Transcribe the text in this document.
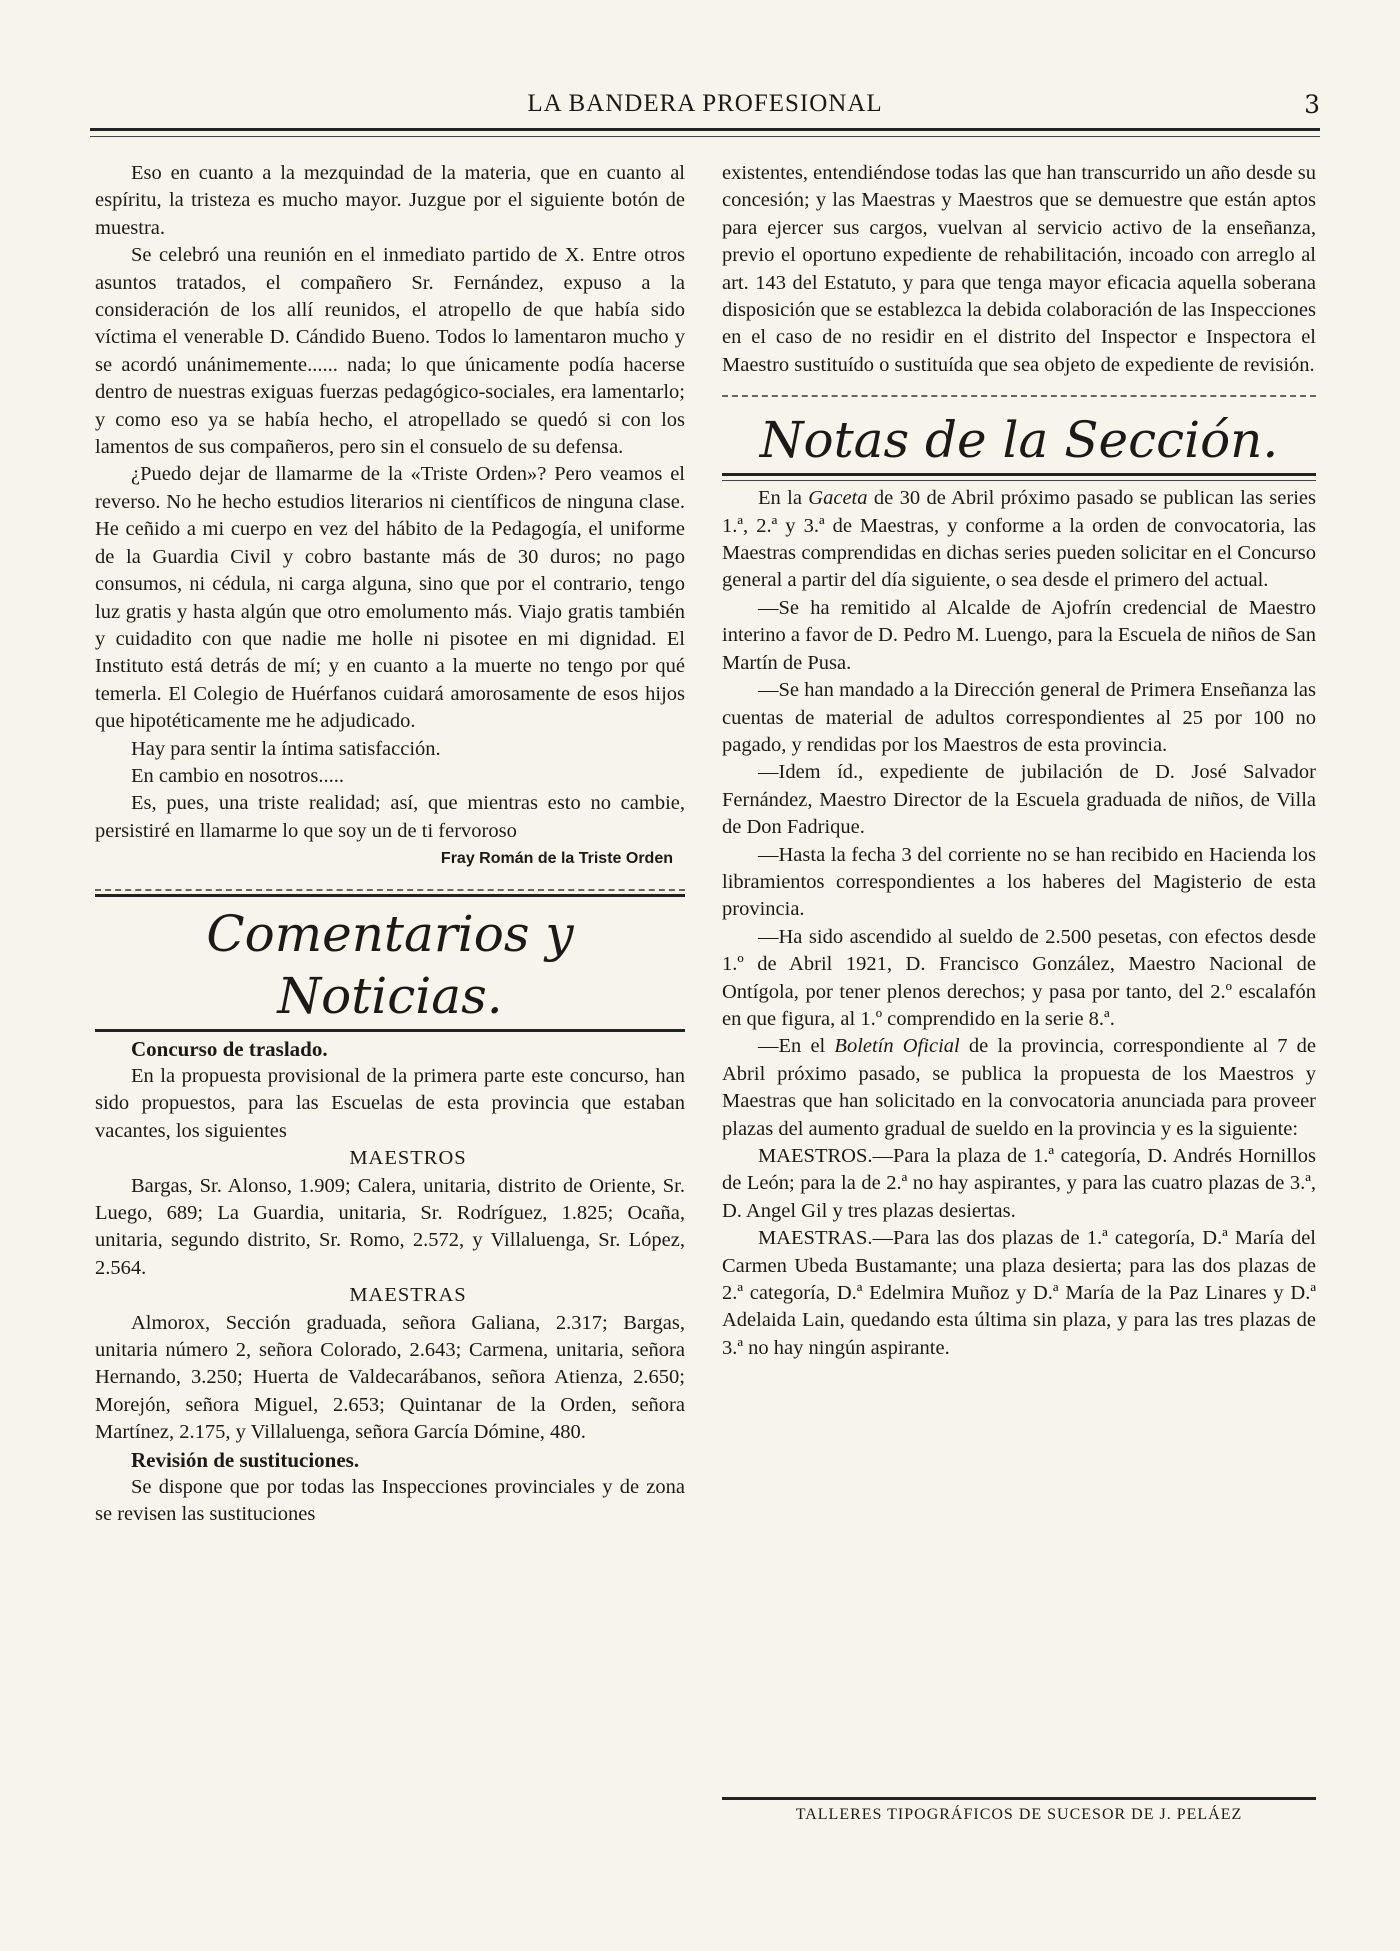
LA BANDERA PROFESIONAL	3

Eso en cuanto a la mezquindad de la materia, que en cuanto al espíritu, la tristeza es mucho mayor. Juzgue por el siguiente botón de muestra.

Se celebró una reunión en el inmediato partido de X. Entre otros asuntos tratados, el compañero Sr. Fernández, expuso a la consideración de los allí reunidos, el atropello de que había sido víctima el venerable D. Cándido Bueno. Todos lo lamentaron mucho y se acordó unánimemente...... nada; lo que únicamente podía hacerse dentro de nuestras exiguas fuerzas pedagógico-sociales, era lamentarlo; y como eso ya se había hecho, el atropellado se quedó si con los lamentos de sus compañeros, pero sin el consuelo de su defensa.

¿Puedo dejar de llamarme de la «Triste Orden»? Pero veamos el reverso. No he hecho estudios literarios ni científicos de ninguna clase. He ceñido a mi cuerpo en vez del hábito de la Pedagogía, el uniforme de la Guardia Civil y cobro bastante más de 30 duros; no pago consumos, ni cédula, ni carga alguna, sino que por el contrario, tengo luz gratis y hasta algún que otro emolumento más. Viajo gratis también y cuidadito con que nadie me holle ni pisotee en mi dignidad. El Instituto está detrás de mí; y en cuanto a la muerte no tengo por qué temerla. El Colegio de Huérfanos cuidará amorosamente de esos hijos que hipotéticamente me he adjudicado.

Hay para sentir la íntima satisfacción.

En cambio en nosotros.....

Es, pues, una triste realidad; así, que mientras esto no cambie, persistiré en llamarme lo que soy un de ti fervoroso

Fray Román de la Triste Orden
Comentarios y Noticias.

Concurso de traslado.

En la propuesta provisional de la primera parte este concurso, han sido propuestos, para las Escuelas de esta provincia que estaban vacantes, los siguientes

MAESTROS

Bargas, Sr. Alonso, 1.909; Calera, unitaria, distrito de Oriente, Sr. Luego, 689; La Guardia, unitaria, Sr. Rodríguez, 1.825; Ocaña, unitaria, segundo distrito, Sr. Romo, 2.572, y Villaluenga, Sr. López, 2.564.

MAESTRAS

Almorox, Sección graduada, señora Galiana, 2.317; Bargas, unitaria número 2, señora Colorado, 2.643; Carmena, unitaria, señora Hernando, 3.250; Huerta de Valdecarábanos, señora Atienza, 2.650; Morejón, señora Miguel, 2.653; Quintanar de la Orden, señora Martínez, 2.175, y Villaluenga, señora García Dómine, 480.

Revisión de sustituciones.

Se dispone que por todas las Inspecciones provinciales y de zona se revisen las sustituciones

existentes, entendiéndose todas las que han transcurrido un año desde su concesión; y las Maestras y Maestros que se demuestre que están aptos para ejercer sus cargos, vuelvan al servicio activo de la enseñanza, previo el oportuno expediente de rehabilitación, incoado con arreglo al art. 143 del Estatuto, y para que tenga mayor eficacia aquella soberana disposición que se establezca la debida colaboración de las Inspecciones en el caso de no residir en el distrito del Inspector e Inspectora el Maestro sustituído o sustituída que sea objeto de expediente de revisión.

Notas de la Sección.

En la Gaceta de 30 de Abril próximo pasado se publican las series 1.ª, 2.ª y 3.ª de Maestras, y conforme a la orden de convocatoria, las Maestras comprendidas en dichas series pueden solicitar en el Concurso general a partir del día siguiente, o sea desde el primero del actual.

—Se ha remitido al Alcalde de Ajofrín credencial de Maestro interino a favor de D. Pedro M. Luengo, para la Escuela de niños de San Martín de Pusa.

—Se han mandado a la Dirección general de Primera Enseñanza las cuentas de material de adultos correspondientes al 25 por 100 no pagado, y rendidas por los Maestros de esta provincia.

—Idem íd., expediente de jubilación de D. José Salvador Fernández, Maestro Director de la Escuela graduada de niños, de Villa de Don Fadrique.

—Hasta la fecha 3 del corriente no se han recibido en Hacienda los libramientos correspondientes a los haberes del Magisterio de esta provincia.

—Ha sido ascendido al sueldo de 2.500 pesetas, con efectos desde 1.º de Abril 1921, D. Francisco González, Maestro Nacional de Ontígola, por tener plenos derechos; y pasa por tanto, del 2.º escalafón en que figura, al 1.º comprendido en la serie 8.ª.

—En el Boletín Oficial de la provincia, correspondiente al 7 de Abril próximo pasado, se publica la propuesta de los Maestros y Maestras que han solicitado en la convocatoria anunciada para proveer plazas del aumento gradual de sueldo en la provincia y es la siguiente:

MAESTROS.—Para la plaza de 1.ª categoría, D. Andrés Hornillos de León; para la de 2.ª no hay aspirantes, y para las cuatro plazas de 3.ª, D. Angel Gil y tres plazas desiertas.

MAESTRAS.—Para las dos plazas de 1.ª categoría, D.ª María del Carmen Ubeda Bustamante; una plaza desierta; para las dos plazas de 2.ª categoría, D.ª Edelmira Muñoz y D.ª María de la Paz Linares y D.ª Adelaida Lain, quedando esta última sin plaza, y para las tres plazas de 3.ª no hay ningún aspirante.

TALLERES TIPOGRÁFICOS DE SUCESOR DE J. PELÁEZ
